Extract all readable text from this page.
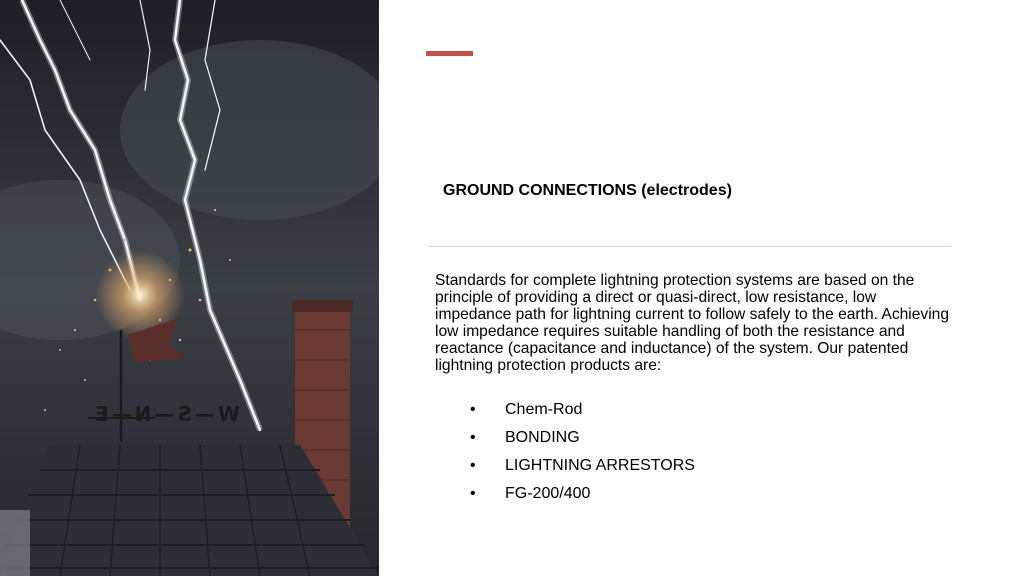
W—S—N—E
GROUND CONNECTIONS (electrodes)

Standards for complete lightning protection systems are based on the principle of providing a direct or quasi-direct, low resistance, low impedance path for lightning current to follow safely to the earth. Achieving low impedance requires suitable handling of both the resistance and reactance (capacitance and inductance) of the system. Our patented lightning protection products are:

•	Chem-Rod
•	BONDING
•	LIGHTNING ARRESTORS
•	FG-200/400
